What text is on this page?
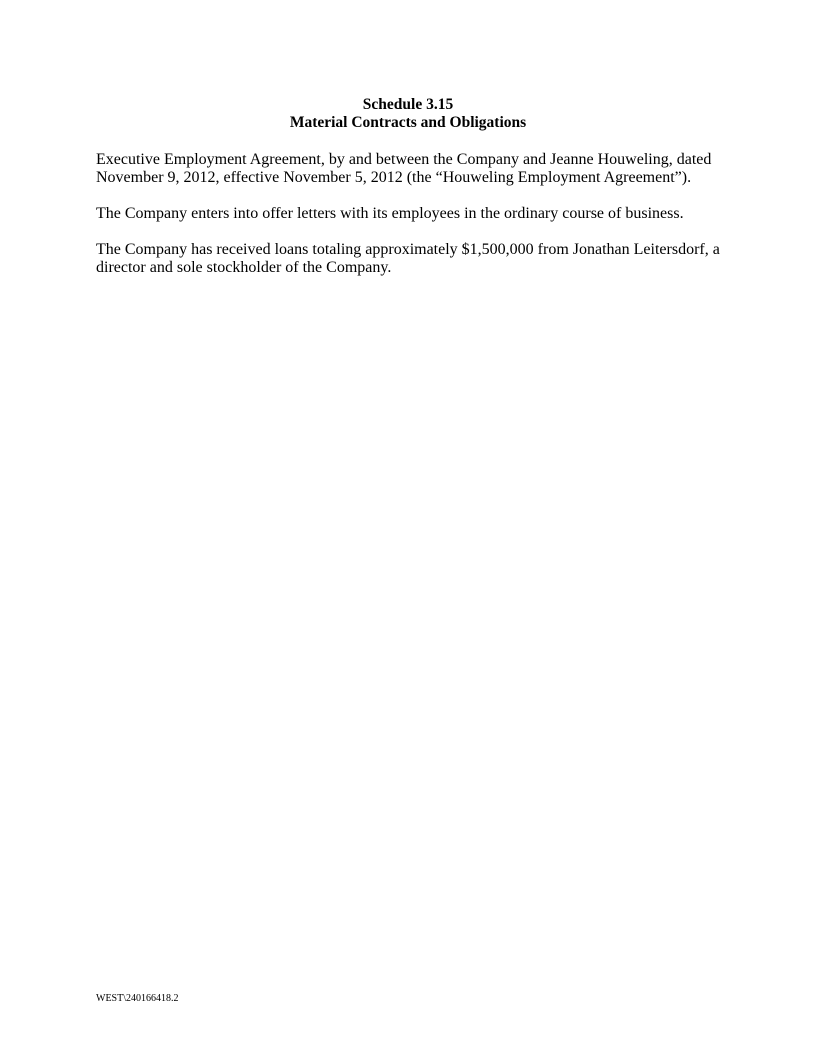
Schedule 3.15
Material Contracts and Obligations

Executive Employment Agreement, by and between the Company and Jeanne Houweling, dated November 9, 2012, effective November 5, 2012 (the “Houweling Employment Agreement”).

The Company enters into offer letters with its employees in the ordinary course of business.

The Company has received loans totaling approximately $1,500,000 from Jonathan Leitersdorf, a director and sole stockholder of the Company.

WEST\240166418.2
